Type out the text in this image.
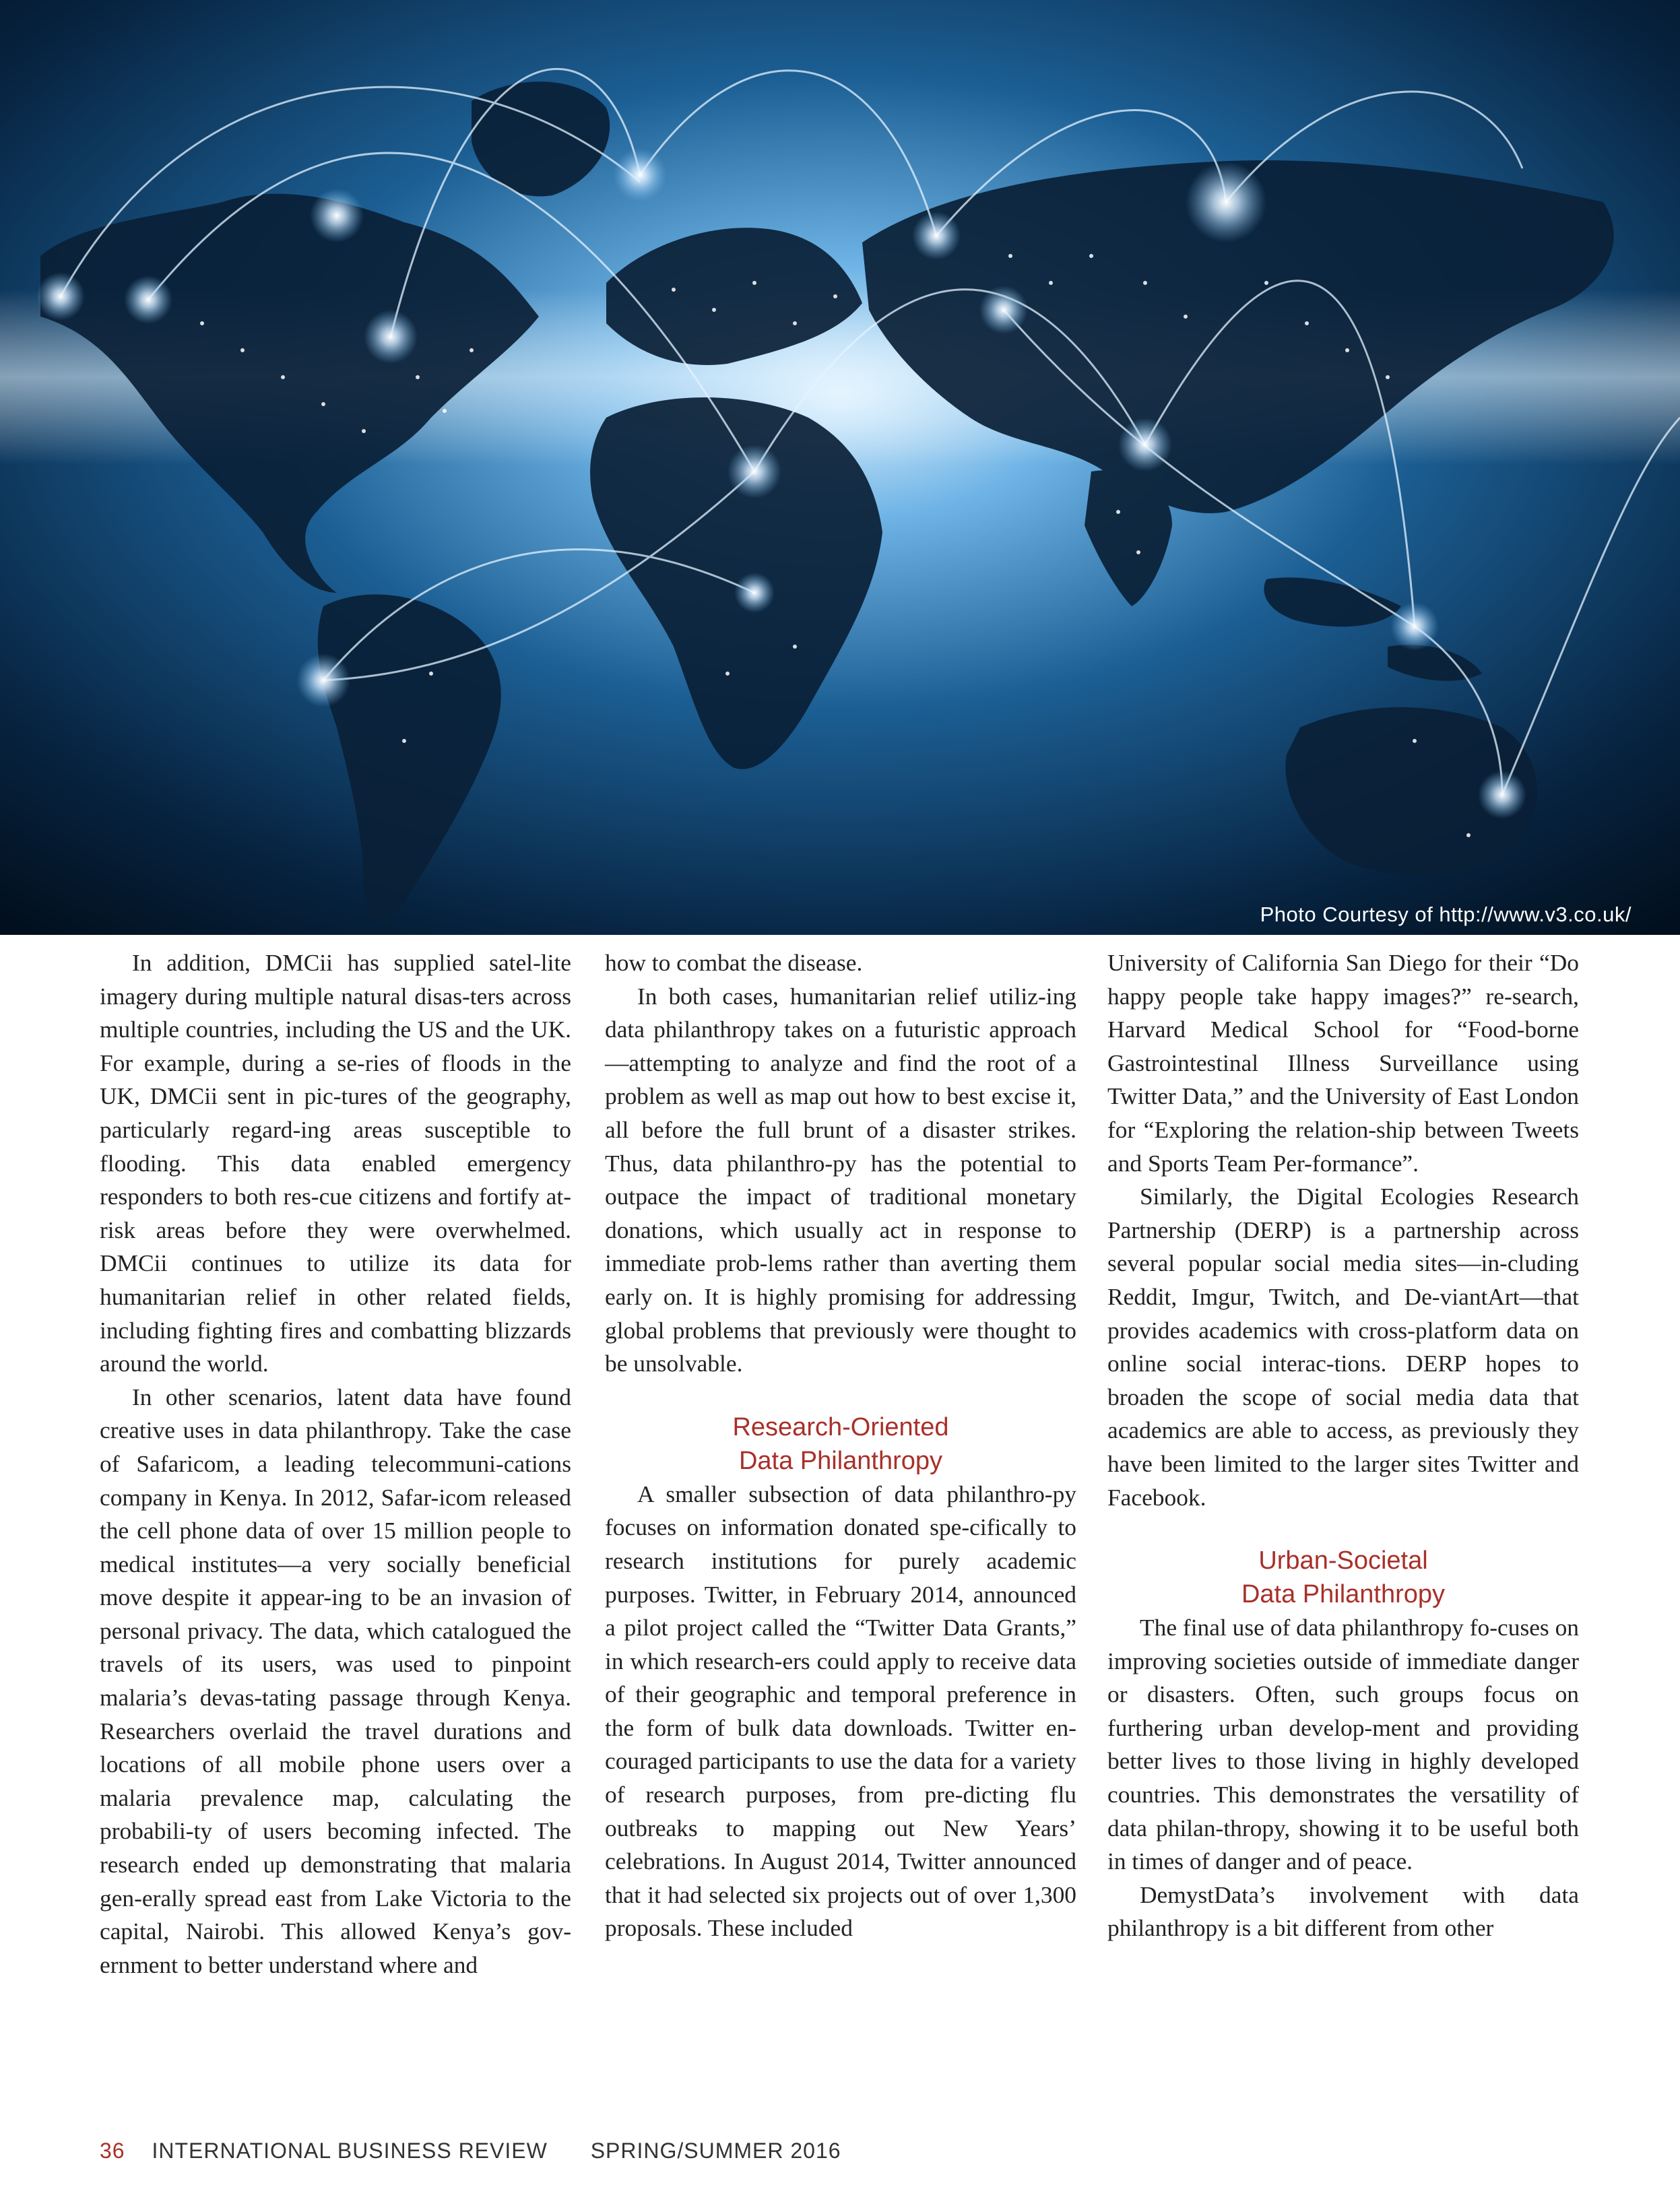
Photo Courtesy of http://www.v3.co.uk/

In addition, DMCii has supplied satel-lite imagery during multiple natural disas-ters across multiple countries, including the US and the UK. For example, during a se-ries of floods in the UK, DMCii sent in pic-tures of the geography, particularly regard-ing areas susceptible to flooding. This data enabled emergency responders to both res-cue citizens and fortify at-risk areas before they were overwhelmed. DMCii continues to utilize its data for humanitarian relief in other related fields, including fighting fires and combatting blizzards around the world.

In other scenarios, latent data have found creative uses in data philanthropy. Take the case of Safaricom, a leading telecommuni-cations company in Kenya. In 2012, Safar-icom released the cell phone data of over 15 million people to medical institutes—a very socially beneficial move despite it appear-ing to be an invasion of personal privacy. The data, which catalogued the travels of its users, was used to pinpoint malaria’s devas-tating passage through Kenya. Researchers overlaid the travel durations and locations of all mobile phone users over a malaria prevalence map, calculating the probabili-ty of users becoming infected. The research ended up demonstrating that malaria gen-erally spread east from Lake Victoria to the capital, Nairobi. This allowed Kenya’s gov-ernment to better understand where and

how to combat the disease.

In both cases, humanitarian relief utiliz-ing data philanthropy takes on a futuristic approach—attempting to analyze and find the root of a problem as well as map out how to best excise it, all before the full brunt of a disaster strikes. Thus, data philanthro-py has the potential to outpace the impact of traditional monetary donations, which usually act in response to immediate prob-lems rather than averting them early on. It is highly promising for addressing global problems that previously were thought to be unsolvable.

Research-Oriented
Data Philanthropy

A smaller subsection of data philanthro-py focuses on information donated spe-cifically to research institutions for purely academic purposes. Twitter, in February 2014, announced a pilot project called the “Twitter Data Grants,” in which research-ers could apply to receive data of their geographic and temporal preference in the form of bulk data downloads. Twitter en-couraged participants to use the data for a variety of research purposes, from pre-dicting flu outbreaks to mapping out New Years’ celebrations. In August 2014, Twitter announced that it had selected six projects out of over 1,300 proposals. These included

University of California San Diego for their “Do happy people take happy images?” re-search, Harvard Medical School for “Food-borne Gastrointestinal Illness Surveillance using Twitter Data,” and the University of East London for “Exploring the relation-ship between Tweets and Sports Team Per-formance”.

Similarly, the Digital Ecologies Research Partnership (DERP) is a partnership across several popular social media sites—in-cluding Reddit, Imgur, Twitch, and De-viantArt—that provides academics with cross-platform data on online social interac-tions. DERP hopes to broaden the scope of social media data that academics are able to access, as previously they have been limited to the larger sites Twitter and Facebook.

Urban-Societal
Data Philanthropy

The final use of data philanthropy fo-cuses on improving societies outside of immediate danger or disasters. Often, such groups focus on furthering urban develop-ment and providing better lives to those living in highly developed countries. This demonstrates the versatility of data philan-thropy, showing it to be useful both in times of danger and of peace.

DemystData’s involvement with data philanthropy is a bit different from other

36 INTERNATIONAL BUSINESS REVIEW SPRING/SUMMER 2016
